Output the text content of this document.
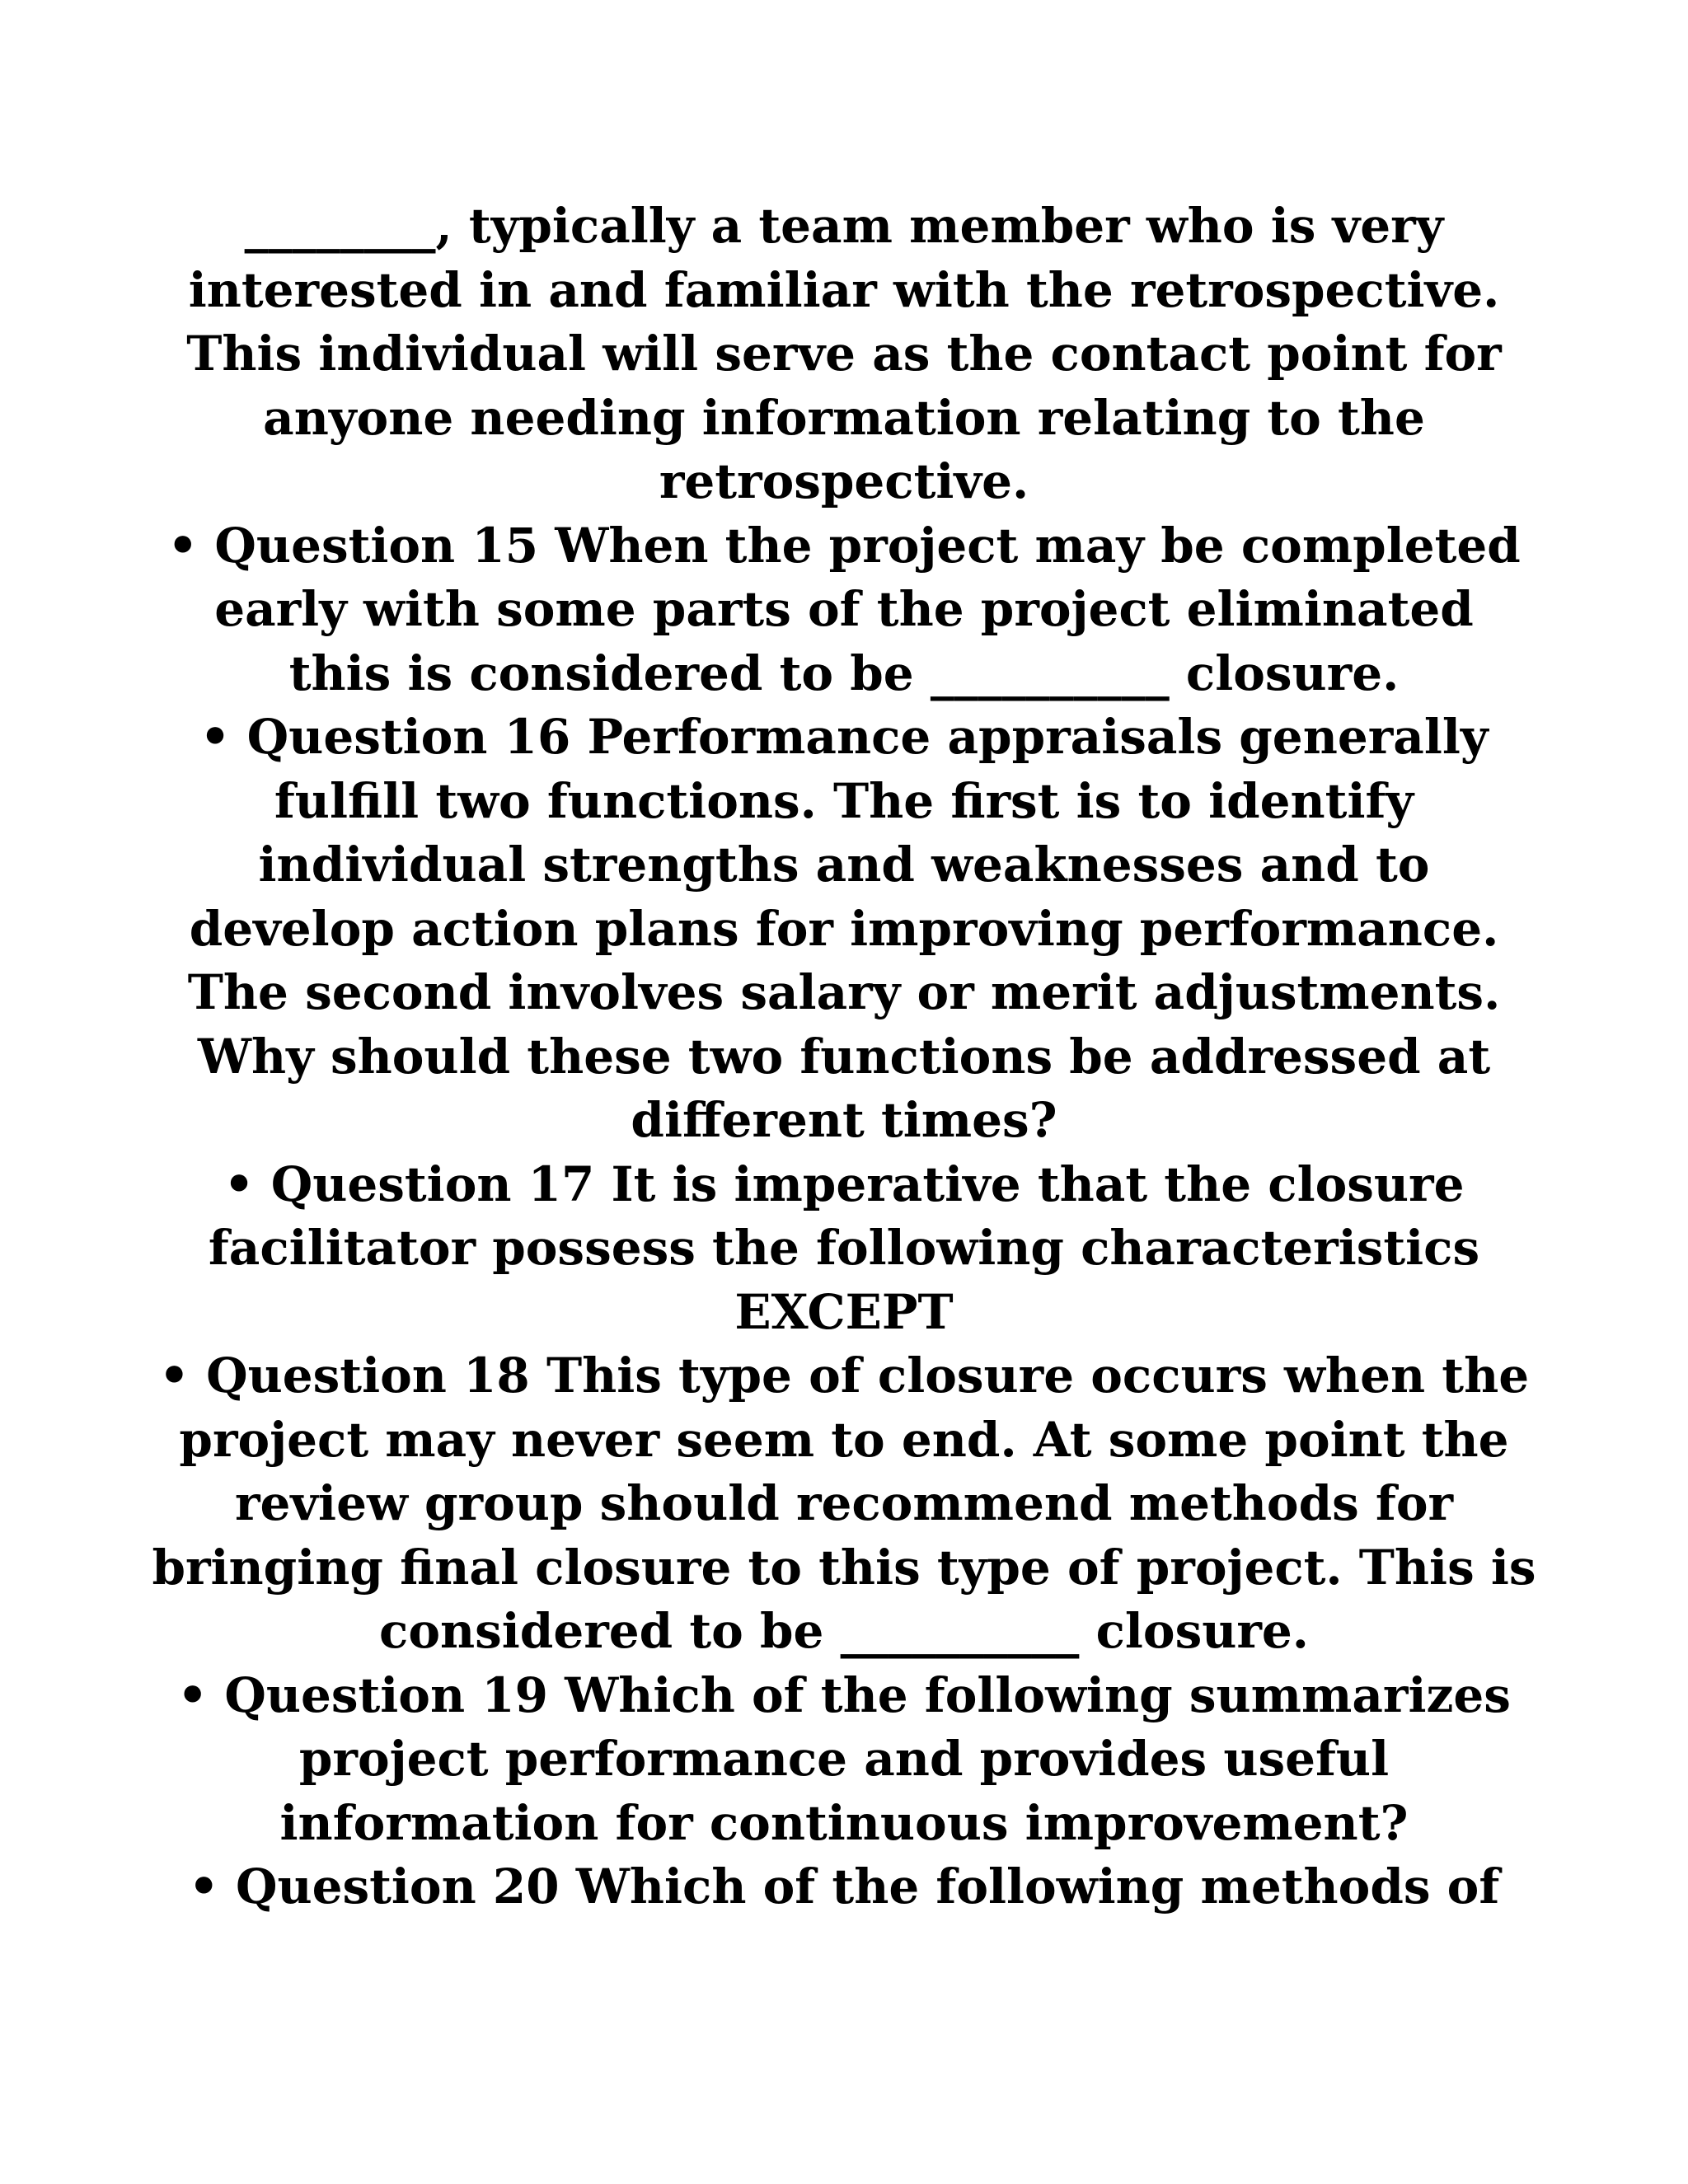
________, typically a team member who is very
interested in and familiar with the retrospective.
This individual will serve as the contact point for
anyone needing information relating to the
retrospective.
• Question 15 When the project may be completed
early with some parts of the project eliminated
this is considered to be __________ closure.
• Question 16 Performance appraisals generally
fulfill two functions. The first is to identify
individual strengths and weaknesses and to
develop action plans for improving performance.
The second involves salary or merit adjustments.
Why should these two functions be addressed at
different times?
• Question 17 It is imperative that the closure
facilitator possess the following characteristics
EXCEPT
• Question 18 This type of closure occurs when the
project may never seem to end. At some point the
review group should recommend methods for
bringing final closure to this type of project. This is
considered to be __________ closure.
• Question 19 Which of the following summarizes
project performance and provides useful
information for continuous improvement?
• Question 20 Which of the following methods of
